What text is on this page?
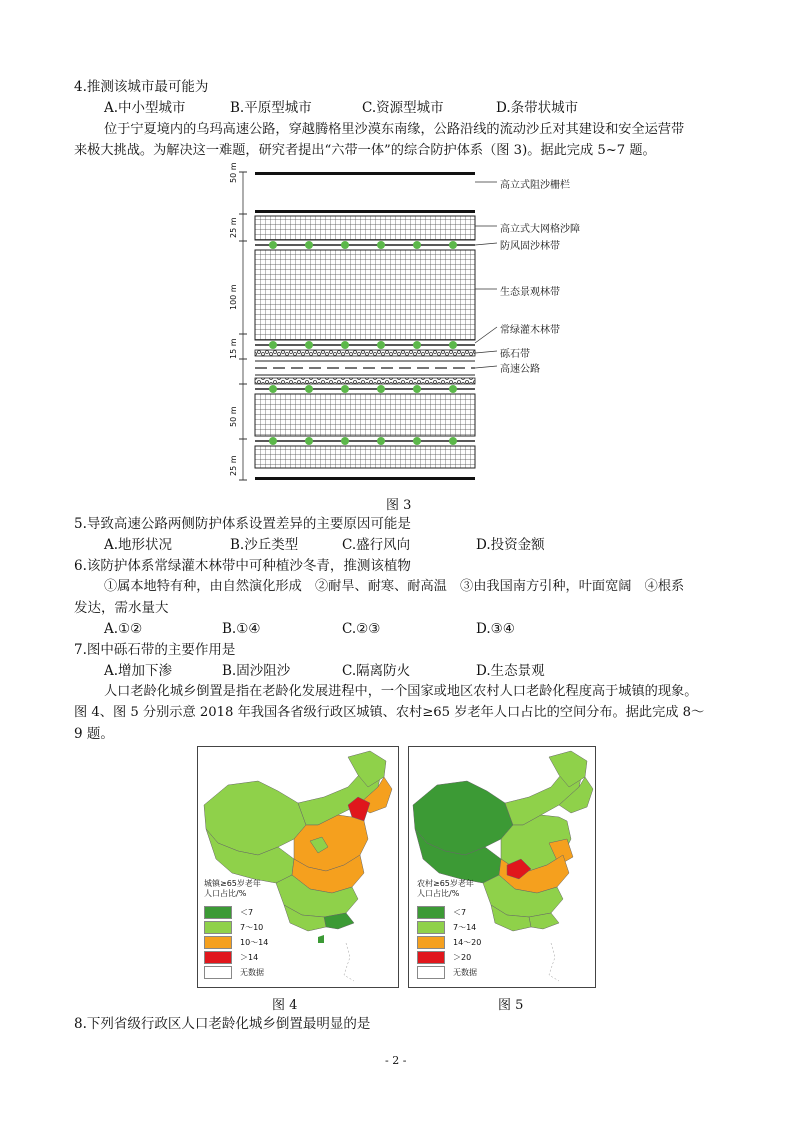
4.推测该城市最可能为
A.中小型城市	B.平原型城市	C.资源型城市	D.条带状城市
位于宁夏境内的乌玛高速公路，穿越腾格里沙漠东南缘，公路沿线的流动沙丘对其建设和安全运营带
来极大挑战。为解决这一难题，研究者提出“六带一体”的综合防护体系（图 3)。据此完成 5~7 题。
50 m
25 m
100 m
15 m
50 m
25 m
高立式阻沙栅栏
高立式大网格沙障
防风固沙林带
生态景观林带
常绿灌木林带
砾石带
高速公路
图 3
5.导致高速公路两侧防护体系设置差异的主要原因可能是
A.地形状况	B.沙丘类型	C.盛行风向	D.投资金额
6.该防护体系常绿灌木林带中可种植沙冬青，推测该植物
①属本地特有种，由自然演化形成　②耐旱、耐寒、耐高温　③由我国南方引种，叶面宽阔　④根系
发达，需水量大
A.①②	B.①④	C.②③	D.③④
7.图中砾石带的主要作用是
A.增加下渗	B.固沙阻沙	C.隔离防火	D.生态景观
人口老龄化城乡倒置是指在老龄化发展进程中，一个国家或地区农村人口老龄化程度高于城镇的现象。
图 4、图 5 分别示意 2018 年我国各省级行政区城镇、农村≥65 岁老年人口占比的空间分布。据此完成 8～
9 题。
城镇≥65岁老年
人口占比/%
＜7
7～10
10～14
＞14
无数据
图 4
农村≥65岁老年
人口占比/%
＜7
7～14
14～20
＞20
无数据
图 5
8.下列省级行政区人口老龄化城乡倒置最明显的是
- 2 -
